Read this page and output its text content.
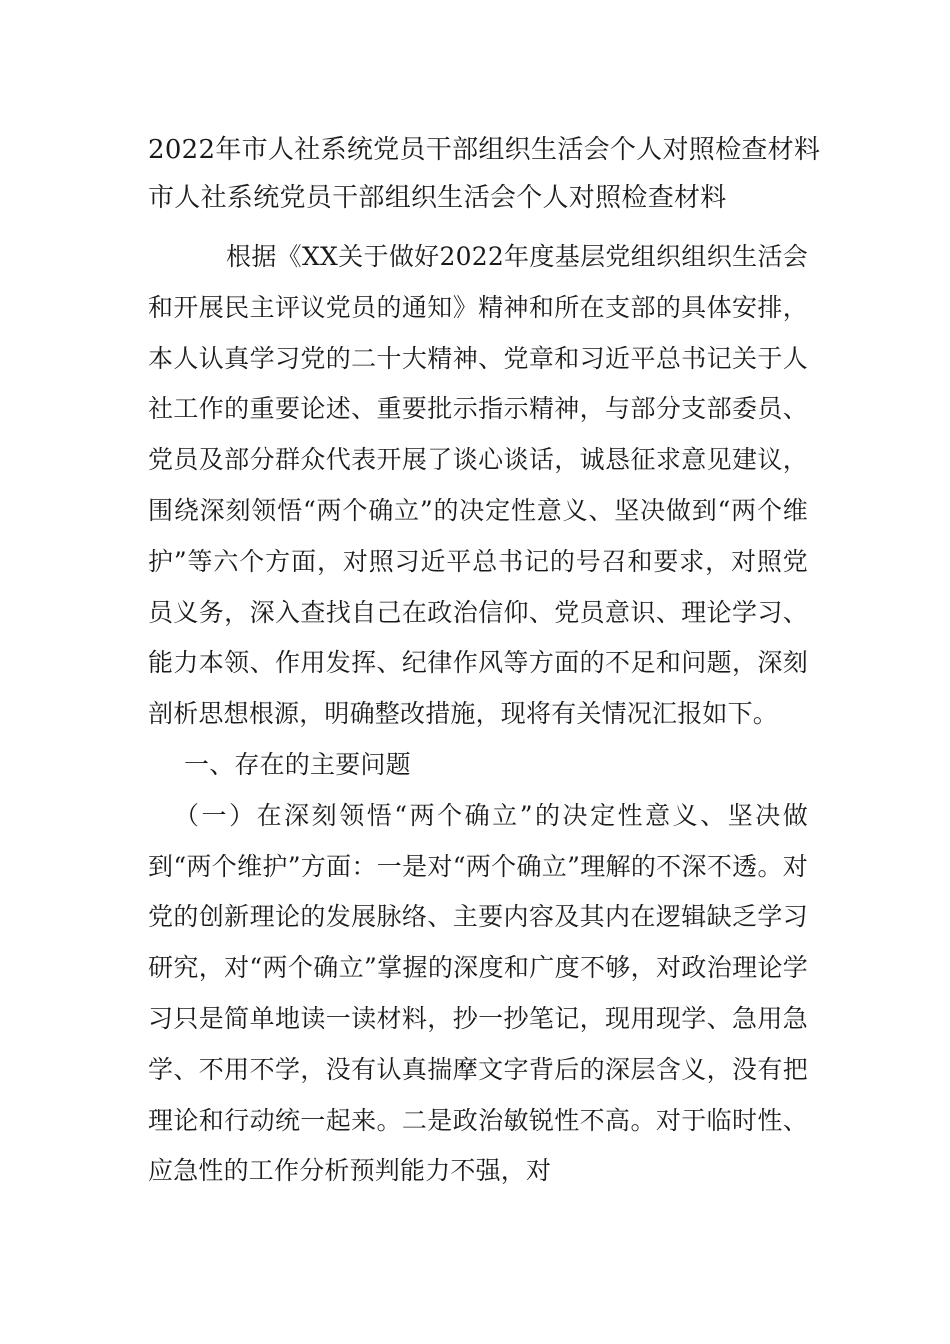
2022年市人社系统党员干部组织生活会个人对照检查材料
市人社系统党员干部组织生活会个人对照检查材料

根据《XX关于做好2022年度基层党组织组织生活会和开展民主评议党员的通知》精神和所在支部的具体安排，本人认真学习党的二十大精神、党章和习近平总书记关于人社工作的重要论述、重要批示指示精神，与部分支部委员、党员及部分群众代表开展了谈心谈话，诚恳征求意见建议，围绕深刻领悟“两个确立”的决定性意义、坚决做到“两个维护”等六个方面，对照习近平总书记的号召和要求，对照党员义务，深入查找自己在政治信仰、党员意识、理论学习、能力本领、作用发挥、纪律作风等方面的不足和问题，深刻剖析思想根源，明确整改措施，现将有关情况汇报如下。

一、存在的主要问题

（一）在深刻领悟“两个确立”的决定性意义、坚决做到“两个维护”方面：一是对“两个确立”理解的不深不透。对党的创新理论的发展脉络、主要内容及其内在逻辑缺乏学习研究，对“两个确立”掌握的深度和广度不够，对政治理论学习只是简单地读一读材料，抄一抄笔记，现用现学、急用急学、不用不学，没有认真揣摩文字背后的深层含义，没有把理论和行动统一起来。二是政治敏锐性不高。对于临时性、应急性的工作分析预判能力不强，对
